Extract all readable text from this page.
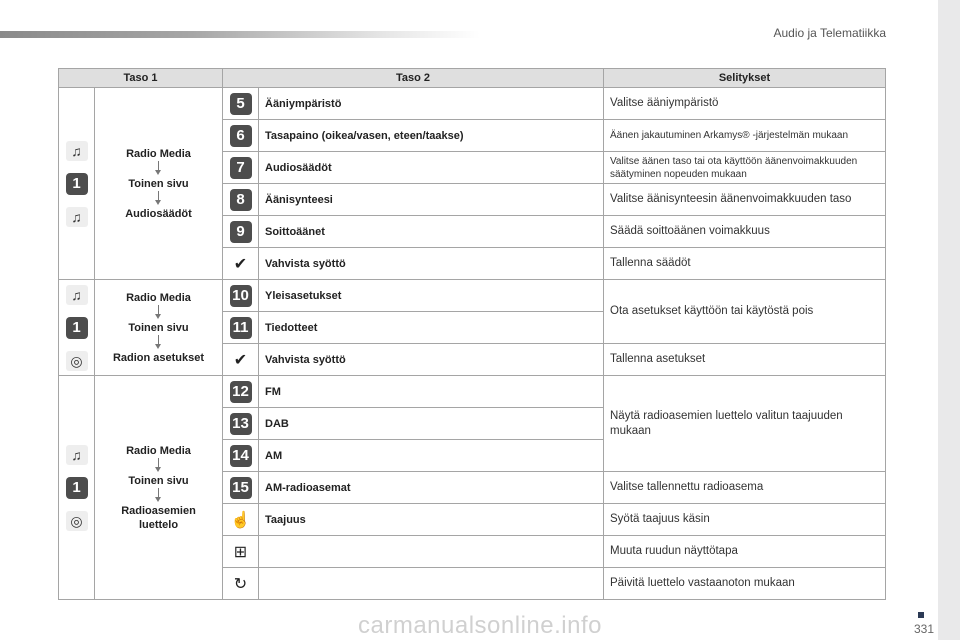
Audio ja Telematiikka
331
Taso 1		Taso 2		Selitykset

♫
1
♫	Radio Media
Toinen sivu
Audiosäädöt	5	Ääniympäristö	Valitse ääniympäristö
		6	Tasapaino (oikea/vasen, eteen/taakse)	Äänen jakautuminen Arkamys® -järjestelmän mukaan
		7	Audiosäädöt	Valitse äänen taso tai ota käyttöön äänenvoimakkuuden säätyminen nopeuden mukaan
		8	Äänisynteesi	Valitse äänisynteesin äänenvoimakkuuden taso
		9	Soittoäänet	Säädä soittoäänen voimakkuus
		✔	Vahvista syöttö	Tallenna säädöt

♫
1
◎	Radio Media
Toinen sivu
Radion asetukset	10	Yleisasetukset	Ota asetukset käyttöön tai käytöstä pois
		11	Tiedotteet	
		✔	Vahvista syöttö	Tallenna asetukset

♫
1
◎	Radio Media
Toinen sivu
Radioasemien luettelo	12	FM	Näytä radioasemien luettelo valitun taajuuden mukaan
		13	DAB	
		14	AM	
		15	AM-radioasemat	Valitse tallennettu radioasema
		☝	Taajuus	Syötä taajuus käsin
		⊞		Muuta ruudun näyttötapa
		↻		Päivitä luettelo vastaanoton mukaan
carmanualsonline.info
